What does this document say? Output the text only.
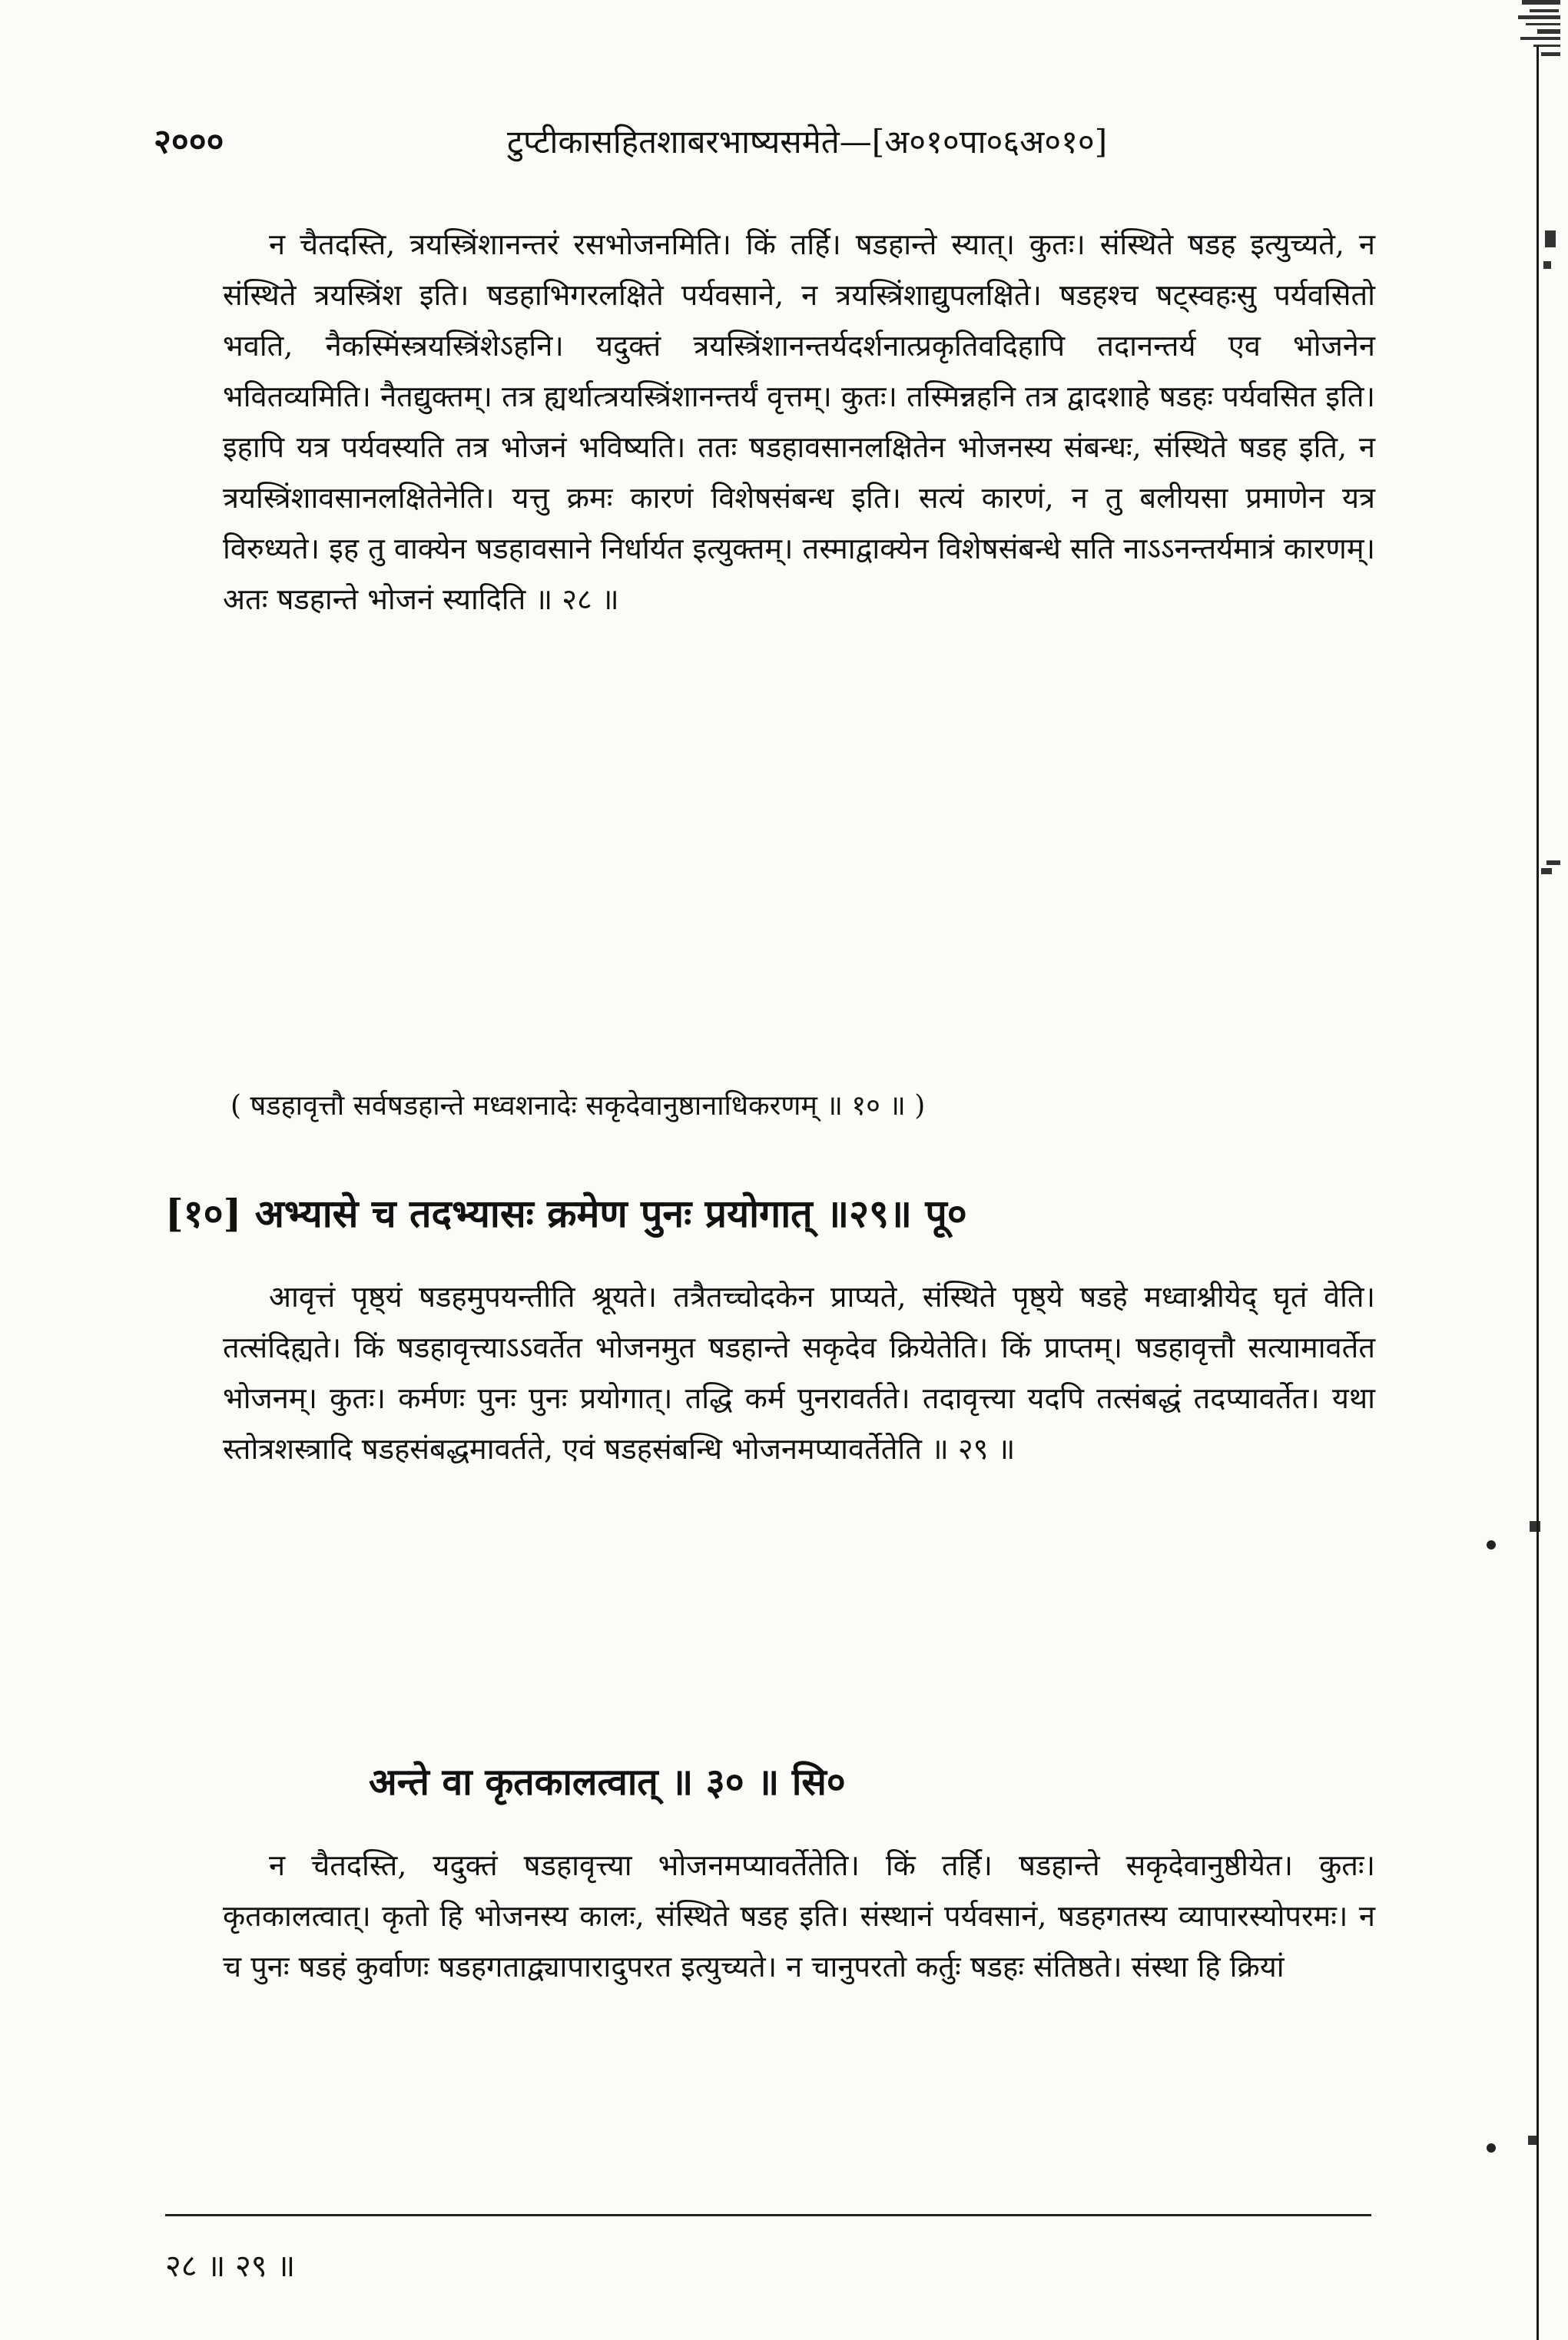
२०००	टुप्टीकासहितशाबरभाष्यसमेते—[अ०१०पा०६अ०१०]

न चैतदस्ति, त्रयस्त्रिंशानन्तरं रसभोजनमिति। किं तर्हि। षडहान्ते स्यात्। कुतः। संस्थिते षडह इत्युच्यते, न संस्थिते त्रयस्त्रिंश इति। षडहाभिगरलक्षिते पर्यवसाने, न त्रयस्त्रिंशाद्युपलक्षिते। षडहश्च षट्स्वहःसु पर्यवसितो भवति, नैकस्मिंस्त्रयस्त्रिंशेऽहनि। यदुक्तं त्रयस्त्रिंशानन्तर्यदर्शनात्प्रकृतिवदिहापि तदानन्तर्य एव भोजनेन भवितव्यमिति। नैतद्युक्तम्। तत्र ह्यर्थात्त्रयस्त्रिंशानन्तर्यं वृत्तम्। कुतः। तस्मिन्नहनि तत्र द्वादशाहे षडहः पर्यवसित इति। इहापि यत्र पर्यवस्यति तत्र भोजनं भविष्यति। ततः षडहावसानलक्षितेन भोजनस्य संबन्धः, संस्थिते षडह इति, न त्रयस्त्रिंशावसानलक्षितेनेति। यत्तु क्रमः कारणं विशेषसंबन्ध इति। सत्यं कारणं, न तु बलीयसा प्रमाणेन यत्र विरुध्यते। इह तु वाक्येन षडहावसाने निर्धार्यत इत्युक्तम्। तस्माद्वाक्येन विशेषसंबन्धे सति नाऽऽनन्तर्यमात्रं कारणम्। अतः षडहान्ते भोजनं स्यादिति ॥ २८ ॥

( षडहावृत्तौ सर्वषडहान्ते मध्वशनादेः सकृदेवानुष्ठानाधिकरणम् ॥ १० ॥ )
[१०] अभ्यासे च तदभ्यासः क्रमेण पुनः प्रयोगात् ॥२९॥ पू०

आवृत्तं पृष्ठ्यं षडहमुपयन्तीति श्रूयते। तत्रैतच्चोदकेन प्राप्यते, संस्थिते पृष्ठ्ये षडहे मध्वाश्नीयेद् घृतं वेति। तत्संदिह्यते। किं षडहावृत्त्याऽऽवर्तेत भोजनमुत षडहान्ते सकृदेव क्रियेतेति। किं प्राप्तम्। षडहावृत्तौ सत्यामावर्तेत भोजनम्। कुतः। कर्मणः पुनः पुनः प्रयोगात्। तद्धि कर्म पुनरावर्तते। तदावृत्त्या यदपि तत्संबद्धं तदप्यावर्तेत। यथा स्तोत्रशस्त्रादि षडहसंबद्धमावर्तते, एवं षडहसंबन्धि भोजनमप्यावर्तेतेति ॥ २९ ॥

अन्ते वा कृतकालत्वात् ॥ ३० ॥ सि०

न चैतदस्ति, यदुक्तं षडहावृत्त्या भोजनमप्यावर्तेतेति। किं तर्हि। षडहान्ते सकृदेवानुष्ठीयेत। कुतः। कृतकालत्वात्। कृतो हि भोजनस्य कालः, संस्थिते षडह इति। संस्थानं पर्यवसानं, षडहगतस्य व्यापारस्योपरमः। न च पुनः षडहं कुर्वाणः षडहगताद्व्यापारादुपरत इत्युच्यते। न चानुपरतो कर्तुः षडहः संतिष्ठते। संस्था हि क्रियां

२८ ॥ २९ ॥
